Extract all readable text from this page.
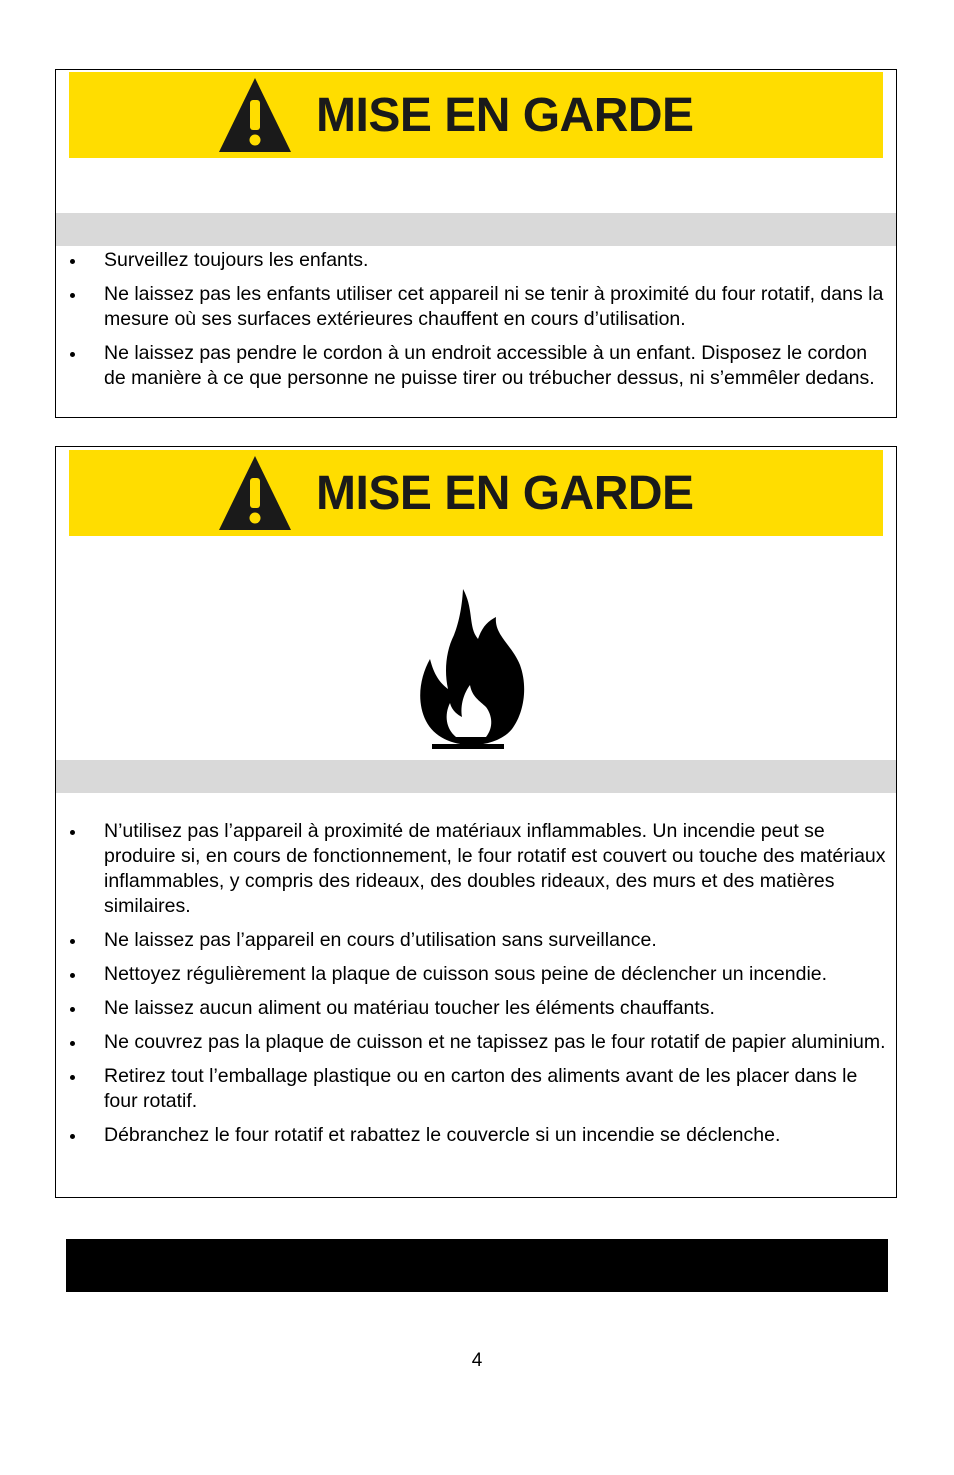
MISE EN GARDE
Surveillez toujours les enfants.
Ne laissez pas les enfants utiliser cet appareil ni se tenir à proximité du four rotatif, dans la mesure où ses surfaces extérieures chauffent en cours d’utilisation.
Ne laissez pas pendre le cordon à un endroit accessible à un enfant. Disposez le cordon de manière à ce que personne ne puisse tirer ou trébucher dessus, ni s’emmêler dedans.
MISE EN GARDE
N’utilisez pas l’appareil à proximité de matériaux inflammables. Un incendie peut se produire si, en cours de fonctionnement, le four rotatif est couvert ou touche des matériaux inflammables, y compris des rideaux, des doubles rideaux, des murs et des matières similaires.
Ne laissez pas l’appareil en cours d’utilisation sans surveillance.
Nettoyez régulièrement la plaque de cuisson sous peine de déclencher un incendie.
Ne laissez aucun aliment ou matériau toucher les éléments chauffants.
Ne couvrez pas la plaque de cuisson et ne tapissez pas le four rotatif de papier aluminium.
Retirez tout l’emballage plastique ou en carton des aliments avant de les placer dans le four rotatif.
Débranchez le four rotatif et rabattez le couvercle si un incendie se déclenche.
4
